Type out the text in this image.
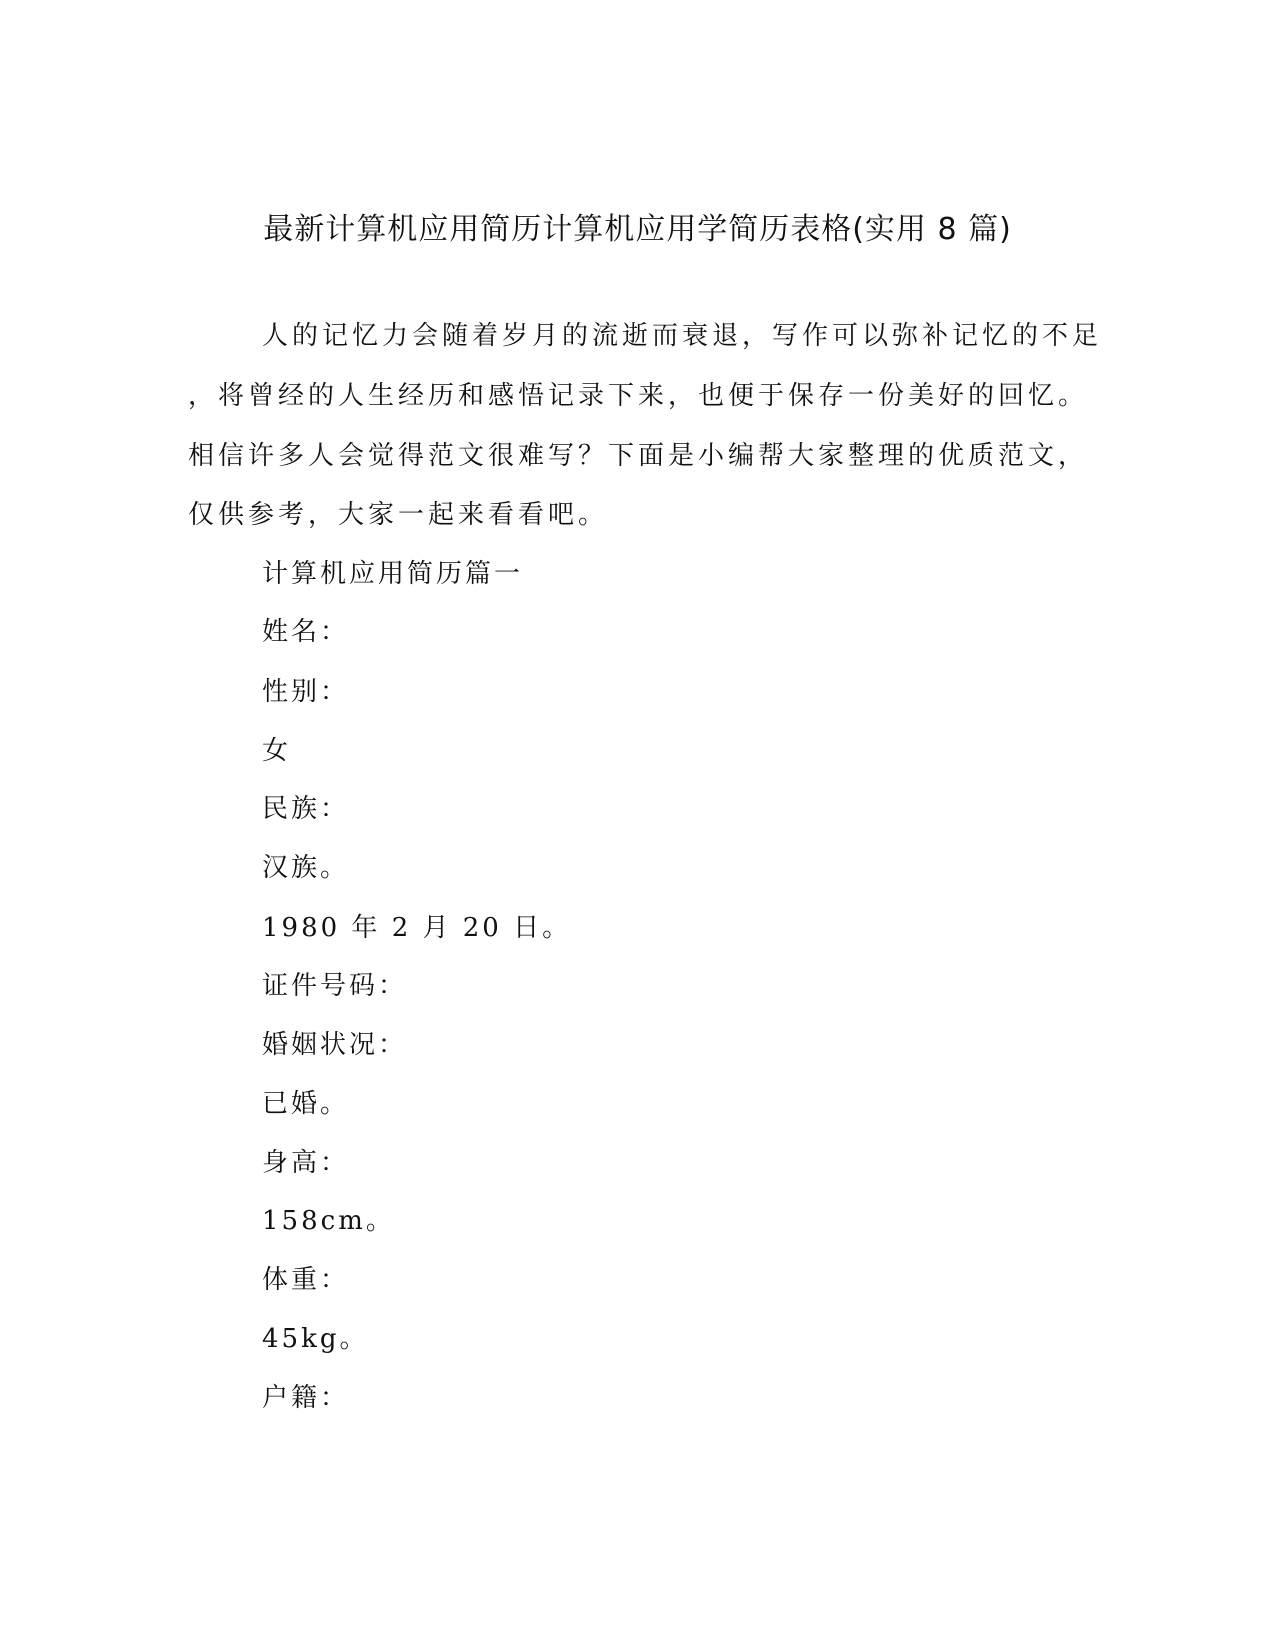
最新计算机应用简历计算机应用学简历表格(实用 8 篇)
人的记忆力会随着岁月的流逝而衰退，写作可以弥补记忆的不足
，将曾经的人生经历和感悟记录下来，也便于保存一份美好的回忆。
相信许多人会觉得范文很难写？下面是小编帮大家整理的优质范文，
仅供参考，大家一起来看看吧。
计算机应用简历篇一
姓名：
性别：
女
民族：
汉族。
1980 年 2 月 20 日。
证件号码：
婚姻状况：
已婚。
身高：
158cm。
体重：
45kg。
户籍：
